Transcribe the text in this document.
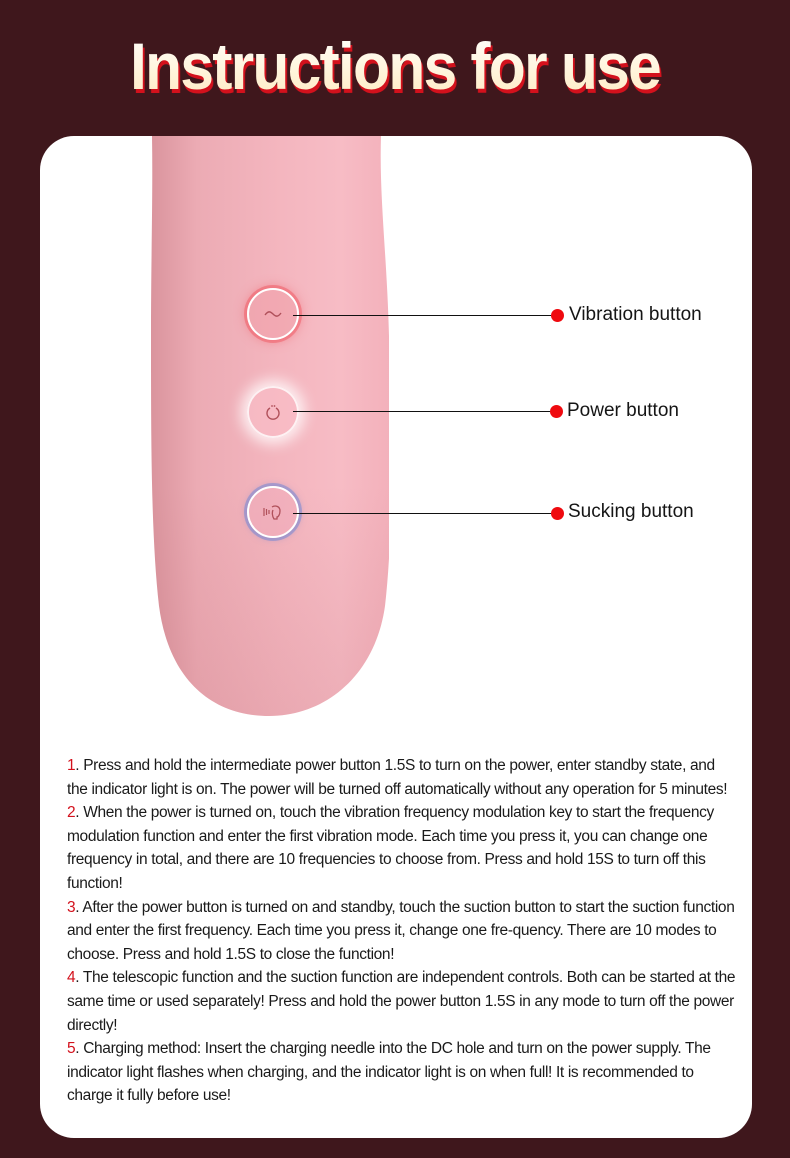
Instructions for use
Vibration button
Power button
Sucking button

1. Press and hold the intermediate power button 1.5S to turn on the power, enter standby state, and the indicator light is on. The power will be turned off automatically without any operation for 5 minutes!

2. When the power is turned on, touch the vibration frequency modulation key to start the frequency modulation function and enter the first vibration mode. Each time you press it, you can change one frequency in total, and there are 10 frequencies to choose from. Press and hold 15S to turn off this function!

3. After the power button is turned on and standby, touch the suction button to start the suction function and enter the first frequency. Each time you press it, change one fre-quency. There are 10 modes to choose. Press and hold 1.5S to close the function!

4. The telescopic function and the suction function are independent controls. Both can be started at the same time or used separately! Press and hold the power button 1.5S in any mode to turn off the power directly!

5. Charging method: Insert the charging needle into the DC hole and turn on the power supply. The indicator light flashes when charging, and the indicator light is on when full! It is recommended to charge it fully before use!
